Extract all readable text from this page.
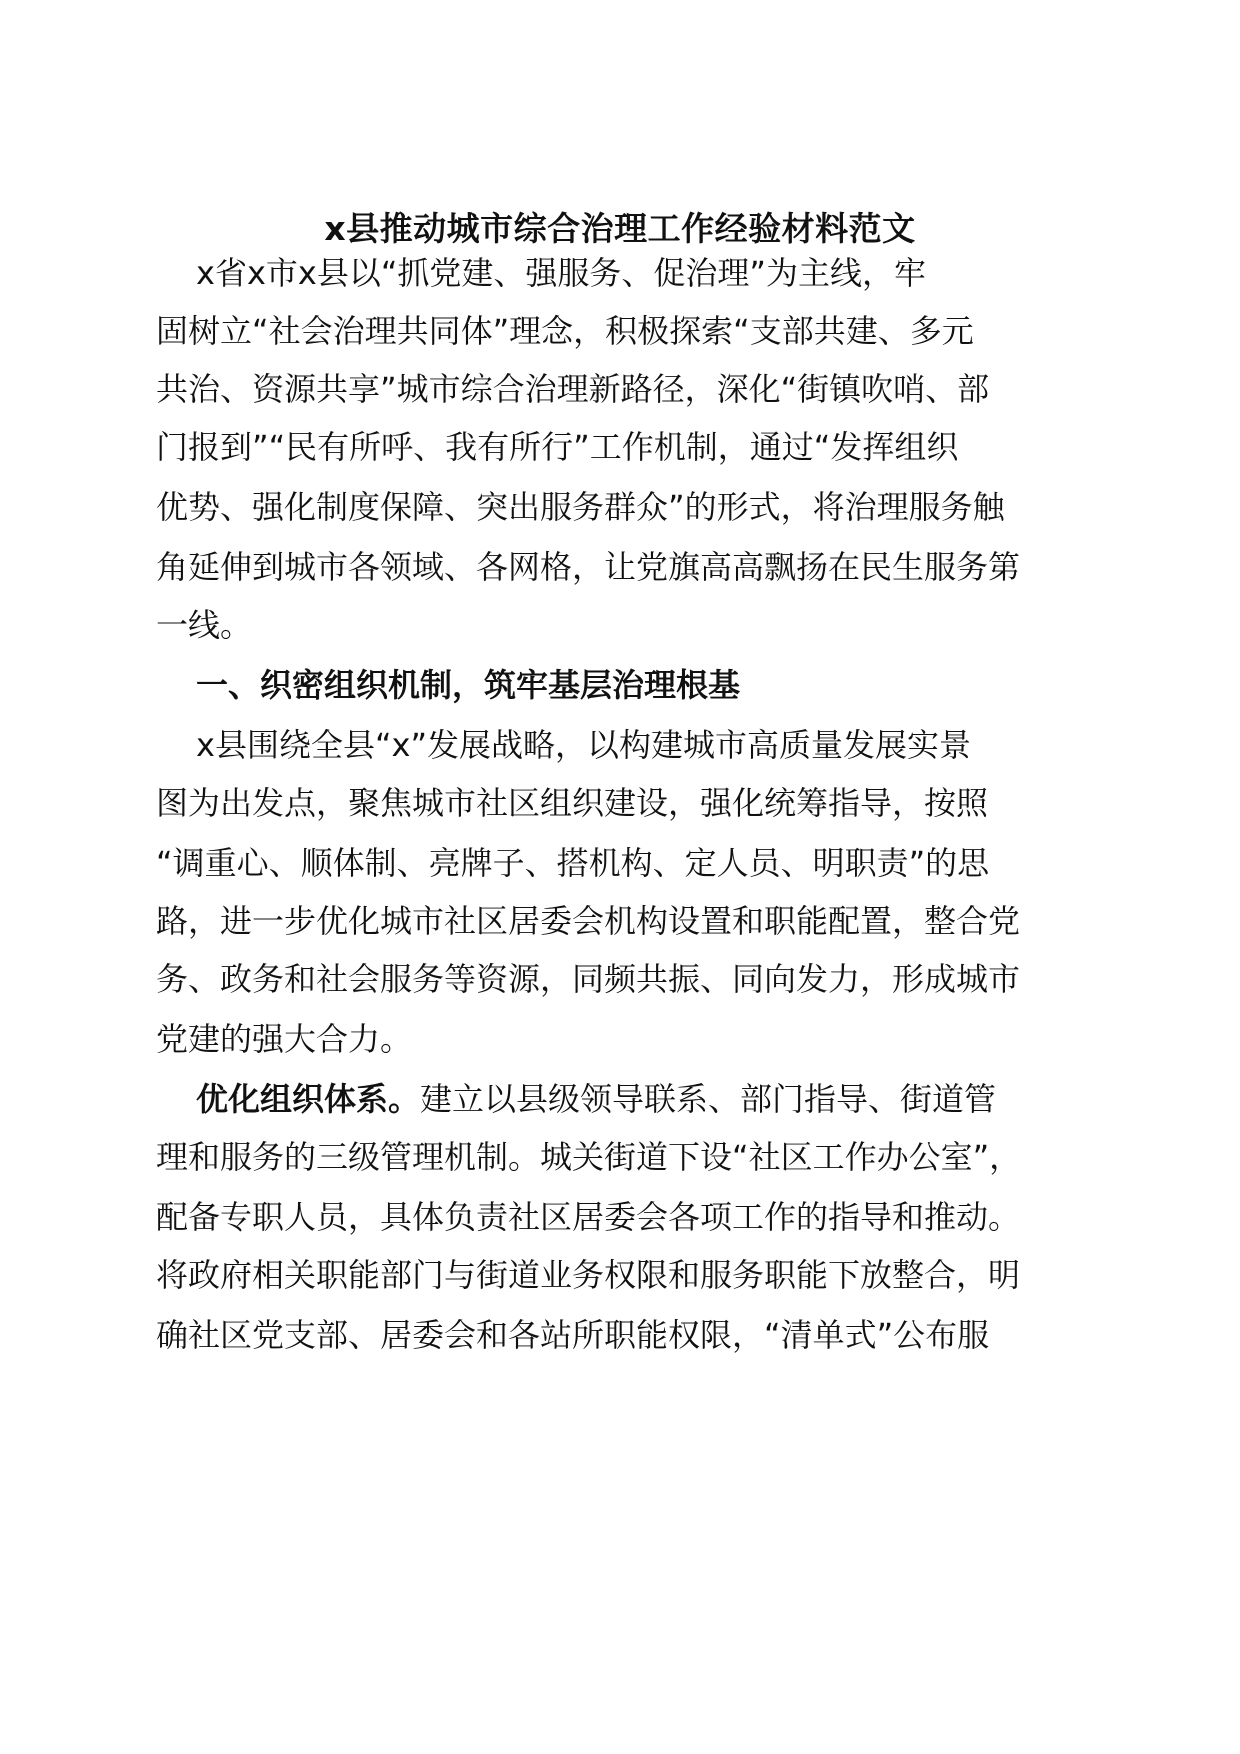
x县推动城市综合治理工作经验材料范文
x省x市x县以“抓党建、强服务、促治理”为主线，牢
固树立“社会治理共同体”理念，积极探索“支部共建、多元
共治、资源共享”城市综合治理新路径，深化“街镇吹哨、部
门报到”“民有所呼、我有所行”工作机制，通过“发挥组织
优势、强化制度保障、突出服务群众”的形式，将治理服务触
角延伸到城市各领域、各网格，让党旗高高飘扬在民生服务第
一线。
一、织密组织机制，筑牢基层治理根基
x县围绕全县“x”发展战略，以构建城市高质量发展实景
图为出发点，聚焦城市社区组织建设，强化统筹指导，按照
“调重心、顺体制、亮牌子、搭机构、定人员、明职责”的思
路，进一步优化城市社区居委会机构设置和职能配置，整合党
务、政务和社会服务等资源，同频共振、同向发力，形成城市
党建的强大合力。
优化组织体系。建立以县级领导联系、部门指导、街道管
理和服务的三级管理机制。城关街道下设“社区工作办公室”，
配备专职人员，具体负责社区居委会各项工作的指导和推动。
将政府相关职能部门与街道业务权限和服务职能下放整合，明
确社区党支部、居委会和各站所职能权限，“清单式”公布服
